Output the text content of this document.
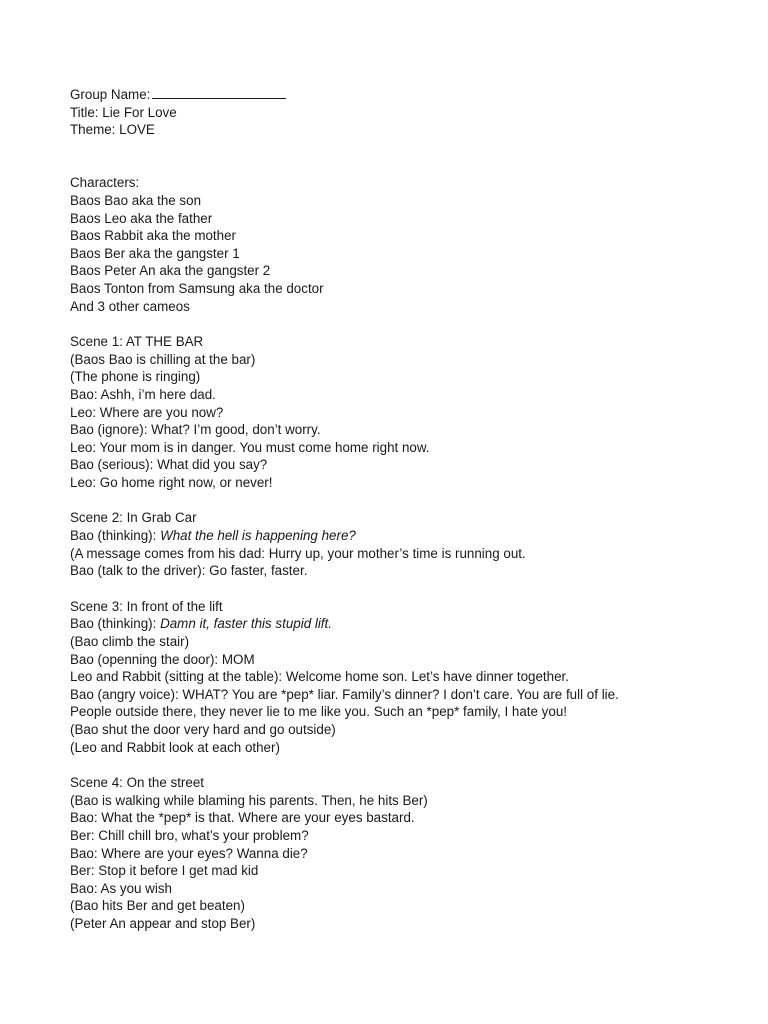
Group Name:
Title: Lie For Love
Theme: LOVE
Characters:
Baos Bao aka the son
Baos Leo aka the father
Baos Rabbit aka the mother
Baos Ber aka the gangster 1
Baos Peter An aka the gangster 2
Baos Tonton from Samsung aka the doctor
And 3 other cameos
Scene 1: AT THE BAR
(Baos Bao is chilling at the bar)
(The phone is ringing)
Bao: Ashh, i’m here dad.
Leo: Where are you now?
Bao (ignore): What? I’m good, don’t worry.
Leo: Your mom is in danger. You must come home right now.
Bao (serious): What did you say?
Leo: Go home right now, or never!
Scene 2: In Grab Car
Bao (thinking): What the hell is happening here?
(A message comes from his dad: Hurry up, your mother’s time is running out.
Bao (talk to the driver): Go faster, faster.
Scene 3: In front of the lift
Bao (thinking): Damn it, faster this stupid lift.
(Bao climb the stair)
Bao (openning the door): MOM
Leo and Rabbit (sitting at the table): Welcome home son. Let’s have dinner together.
Bao (angry voice): WHAT? You are *pep* liar. Family’s dinner? I don’t care. You are full of lie.
People outside there, they never lie to me like you. Such an *pep* family, I hate you!
(Bao shut the door very hard and go outside)
(Leo and Rabbit look at each other)
Scene 4: On the street
(Bao is walking while blaming his parents. Then, he hits Ber)
Bao: What the *pep* is that. Where are your eyes bastard.
Ber: Chill chill bro, what’s your problem?
Bao: Where are your eyes? Wanna die?
Ber: Stop it before I get mad kid
Bao: As you wish
(Bao hits Ber and get beaten)
(Peter An appear and stop Ber)
